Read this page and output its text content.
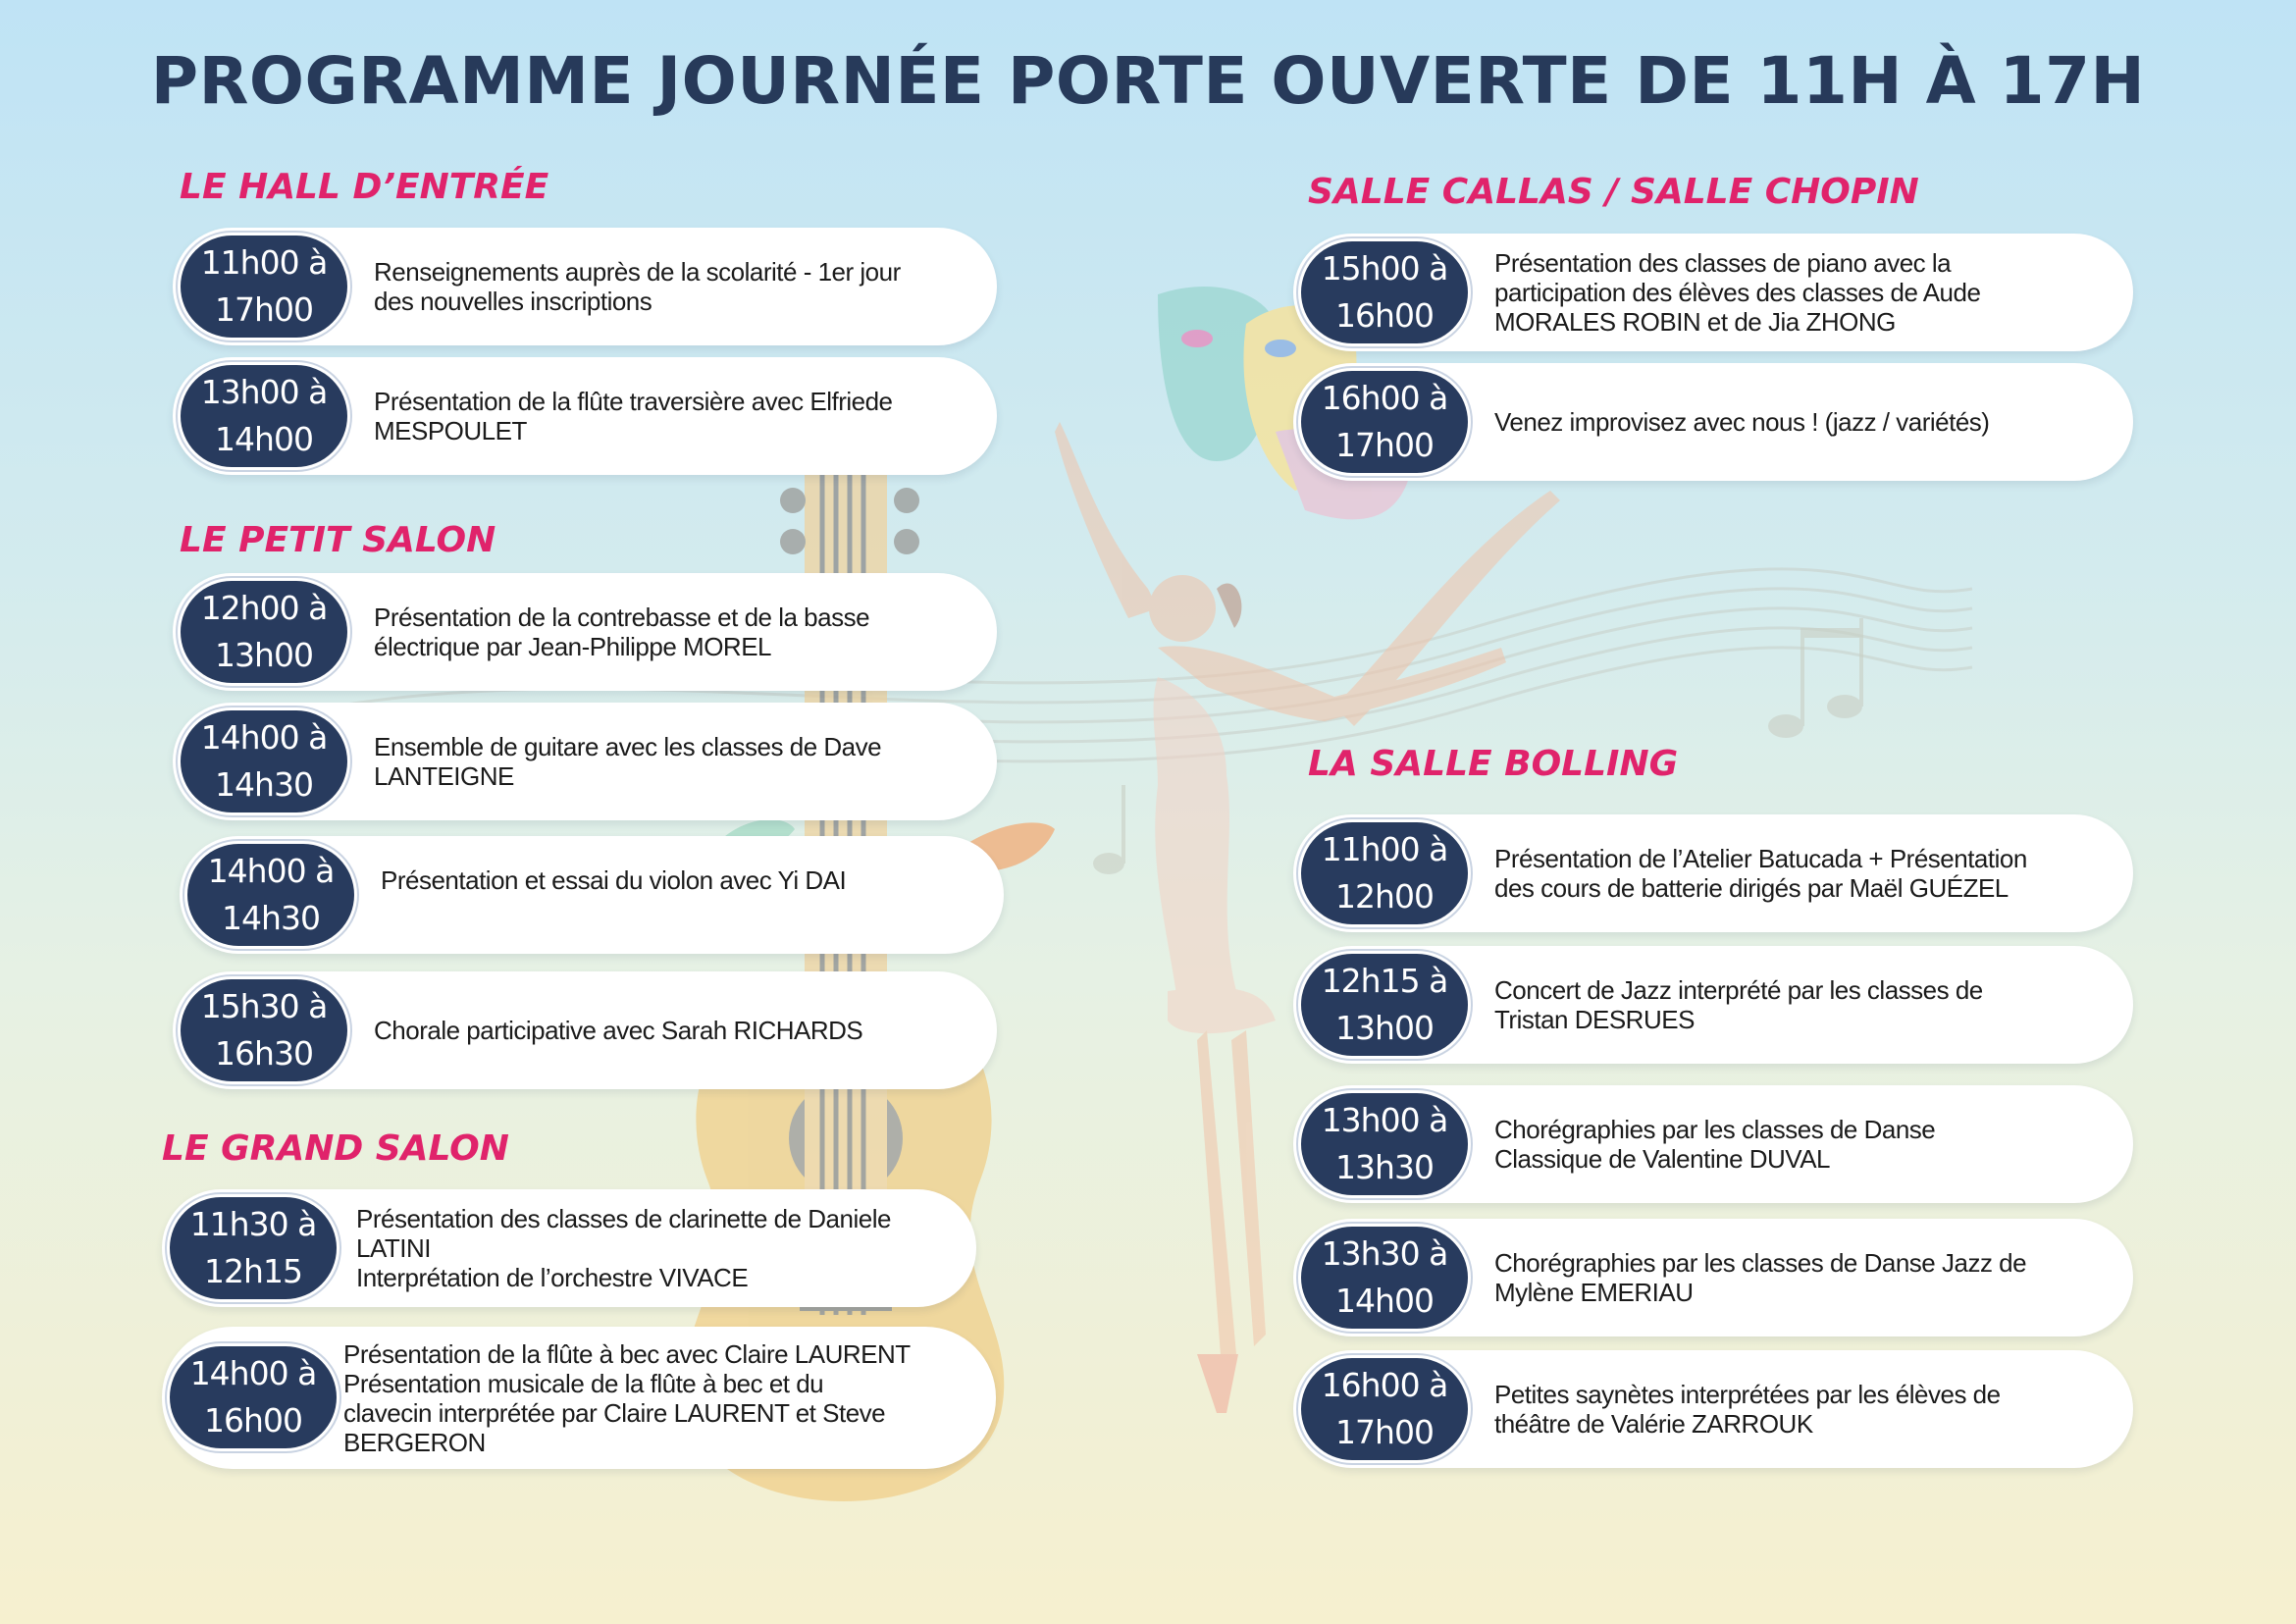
PROGRAMME JOURNÉE PORTE OUVERTE DE 11H À 17H
LE HALL D’ENTRÉE
11h00 à
17h00
Renseignements auprès de la scolarité - 1er jour
des nouvelles inscriptions
13h00 à
14h00
Présentation de la flûte traversière avec Elfriede
MESPOULET
LE PETIT SALON
12h00 à
13h00
Présentation de la contrebasse et de la basse
électrique par Jean-Philippe MOREL
14h00 à
14h30
Ensemble de guitare avec les classes de Dave
LANTEIGNE
14h00 à
14h30
Présentation et essai du violon avec Yi DAI
15h30 à
16h30
Chorale participative avec Sarah RICHARDS
LE GRAND SALON
11h30 à
12h15
Présentation des classes de clarinette de Daniele
LATINI
Interprétation de l’orchestre VIVACE
14h00 à
16h00
Présentation de la flûte à bec avec Claire LAURENT
Présentation musicale de la flûte à bec et du
clavecin interprétée par Claire LAURENT et Steve
BERGERON
SALLE CALLAS / SALLE CHOPIN
15h00 à
16h00
Présentation des classes de piano avec la
participation des élèves des classes de Aude
MORALES ROBIN et de Jia ZHONG
16h00 à
17h00
Venez improvisez avec nous ! (jazz / variétés)
LA SALLE BOLLING
11h00 à
12h00
Présentation de l’Atelier Batucada + Présentation
des cours de batterie dirigés par Maël GUÉZEL
12h15 à
13h00
Concert de Jazz interprété par les classes de
Tristan DESRUES
13h00 à
13h30
Chorégraphies par les classes de Danse
Classique de Valentine DUVAL
13h30 à
14h00
Chorégraphies par les classes de Danse Jazz de
Mylène EMERIAU
16h00 à
17h00
Petites saynètes interprétées par les élèves de
théâtre de Valérie ZARROUK
